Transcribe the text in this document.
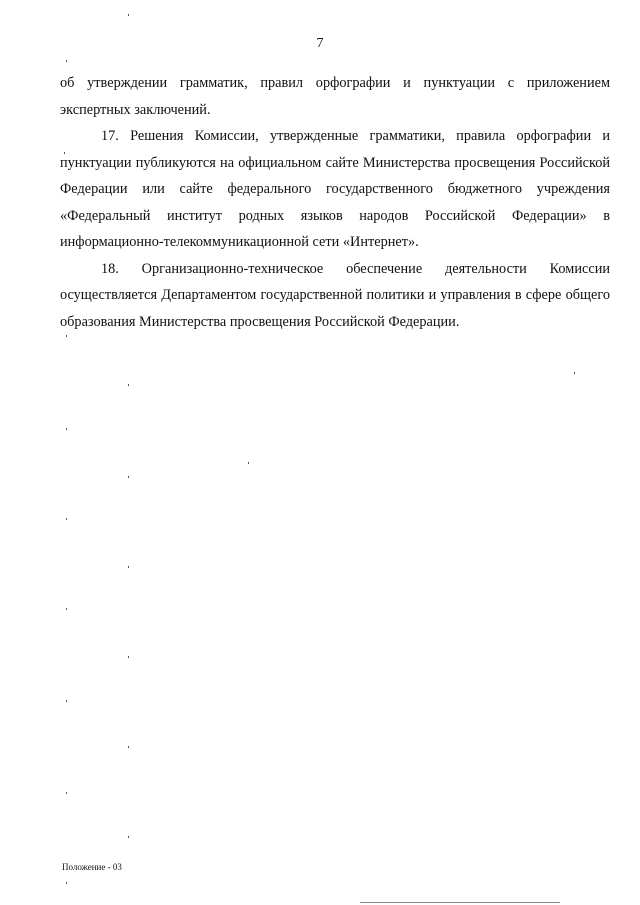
7

об утверждении грамматик, правил орфографии и пунктуации с приложением экспертных заключений.

17. Решения Комиссии, утвержденные грамматики, правила орфографии и пунктуации публикуются на официальном сайте Министерства просвещения Российской Федерации или сайте федерального государственного бюджетного учреждения «Федеральный институт родных языков народов Российской Федерации» в информационно-телекоммуникационной сети «Интернет».

18. Организационно-техническое обеспечение деятельности Комиссии осуществляется Департаментом государственной политики и управления в сфере общего образования Министерства просвещения Российской Федерации.

Положение - 03
